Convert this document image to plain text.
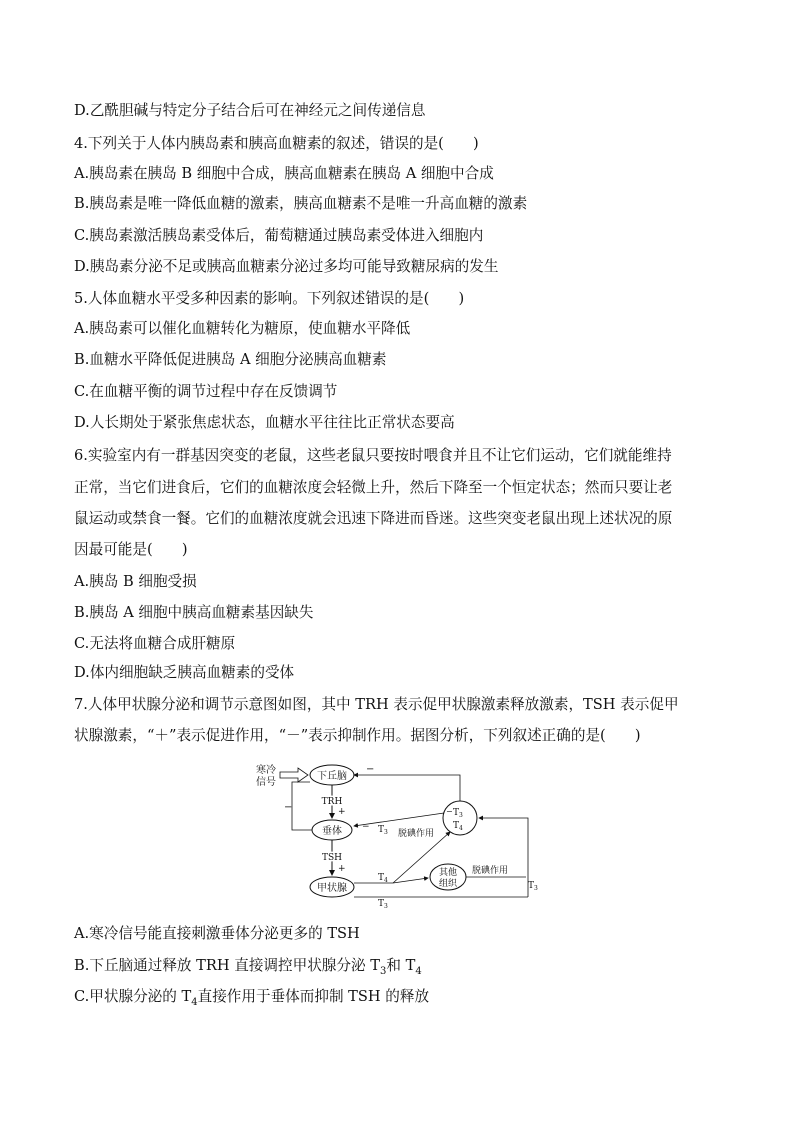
D.乙酰胆碱与特定分子结合后可在神经元之间传递信息
4.下列关于人体内胰岛素和胰高血糖素的叙述，错误的是(　　)
A.胰岛素在胰岛 B 细胞中合成，胰高血糖素在胰岛 A 细胞中合成
B.胰岛素是唯一降低血糖的激素，胰高血糖素不是唯一升高血糖的激素
C.胰岛素激活胰岛素受体后，葡萄糖通过胰岛素受体进入细胞内
D.胰岛素分泌不足或胰高血糖素分泌过多均可能导致糖尿病的发生
5.人体血糖水平受多种因素的影响。下列叙述错误的是(　　)
A.胰岛素可以催化血糖转化为糖原，使血糖水平降低
B.血糖水平降低促进胰岛 A 细胞分泌胰高血糖素
C.在血糖平衡的调节过程中存在反馈调节
D.人长期处于紧张焦虑状态，血糖水平往往比正常状态要高
6.实验室内有一群基因突变的老鼠，这些老鼠只要按时喂食并且不让它们运动，它们就能维持
正常，当它们进食后，它们的血糖浓度会轻微上升，然后下降至一个恒定状态；然而只要让老
鼠运动或禁食一餐。它们的血糖浓度就会迅速下降进而昏迷。这些突变老鼠出现上述状况的原
因最可能是(　　)
A.胰岛 B 细胞受损
B.胰岛 A 细胞中胰高血糖素基因缺失
C.无法将血糖合成肝糖原
D.体内细胞缺乏胰高血糖素的受体
7.人体甲状腺分泌和调节示意图如图，其中 TRH 表示促甲状腺激素释放激素，TSH 表示促甲
状腺激素，“＋”表示促进作用，“－”表示抑制作用。据图分析，下列叙述正确的是(　　)
A.寒冷信号能直接刺激垂体分泌更多的 TSH
B.下丘脑通过释放 TRH 直接调控甲状腺分泌 $T_3$和 $T_4$
C.甲状腺分泌的 $T_4$直接作用于垂体而抑制 TSH 的释放
寒冷
信号
下丘脑
TRH
+
垂体
TSH
+
甲状腺
−	− $T_3$
$T_4$
−
− $T_3$ 脱碘作用
$T_4$
$T_3$
其他
组织
脱碘作用
$T_3$
